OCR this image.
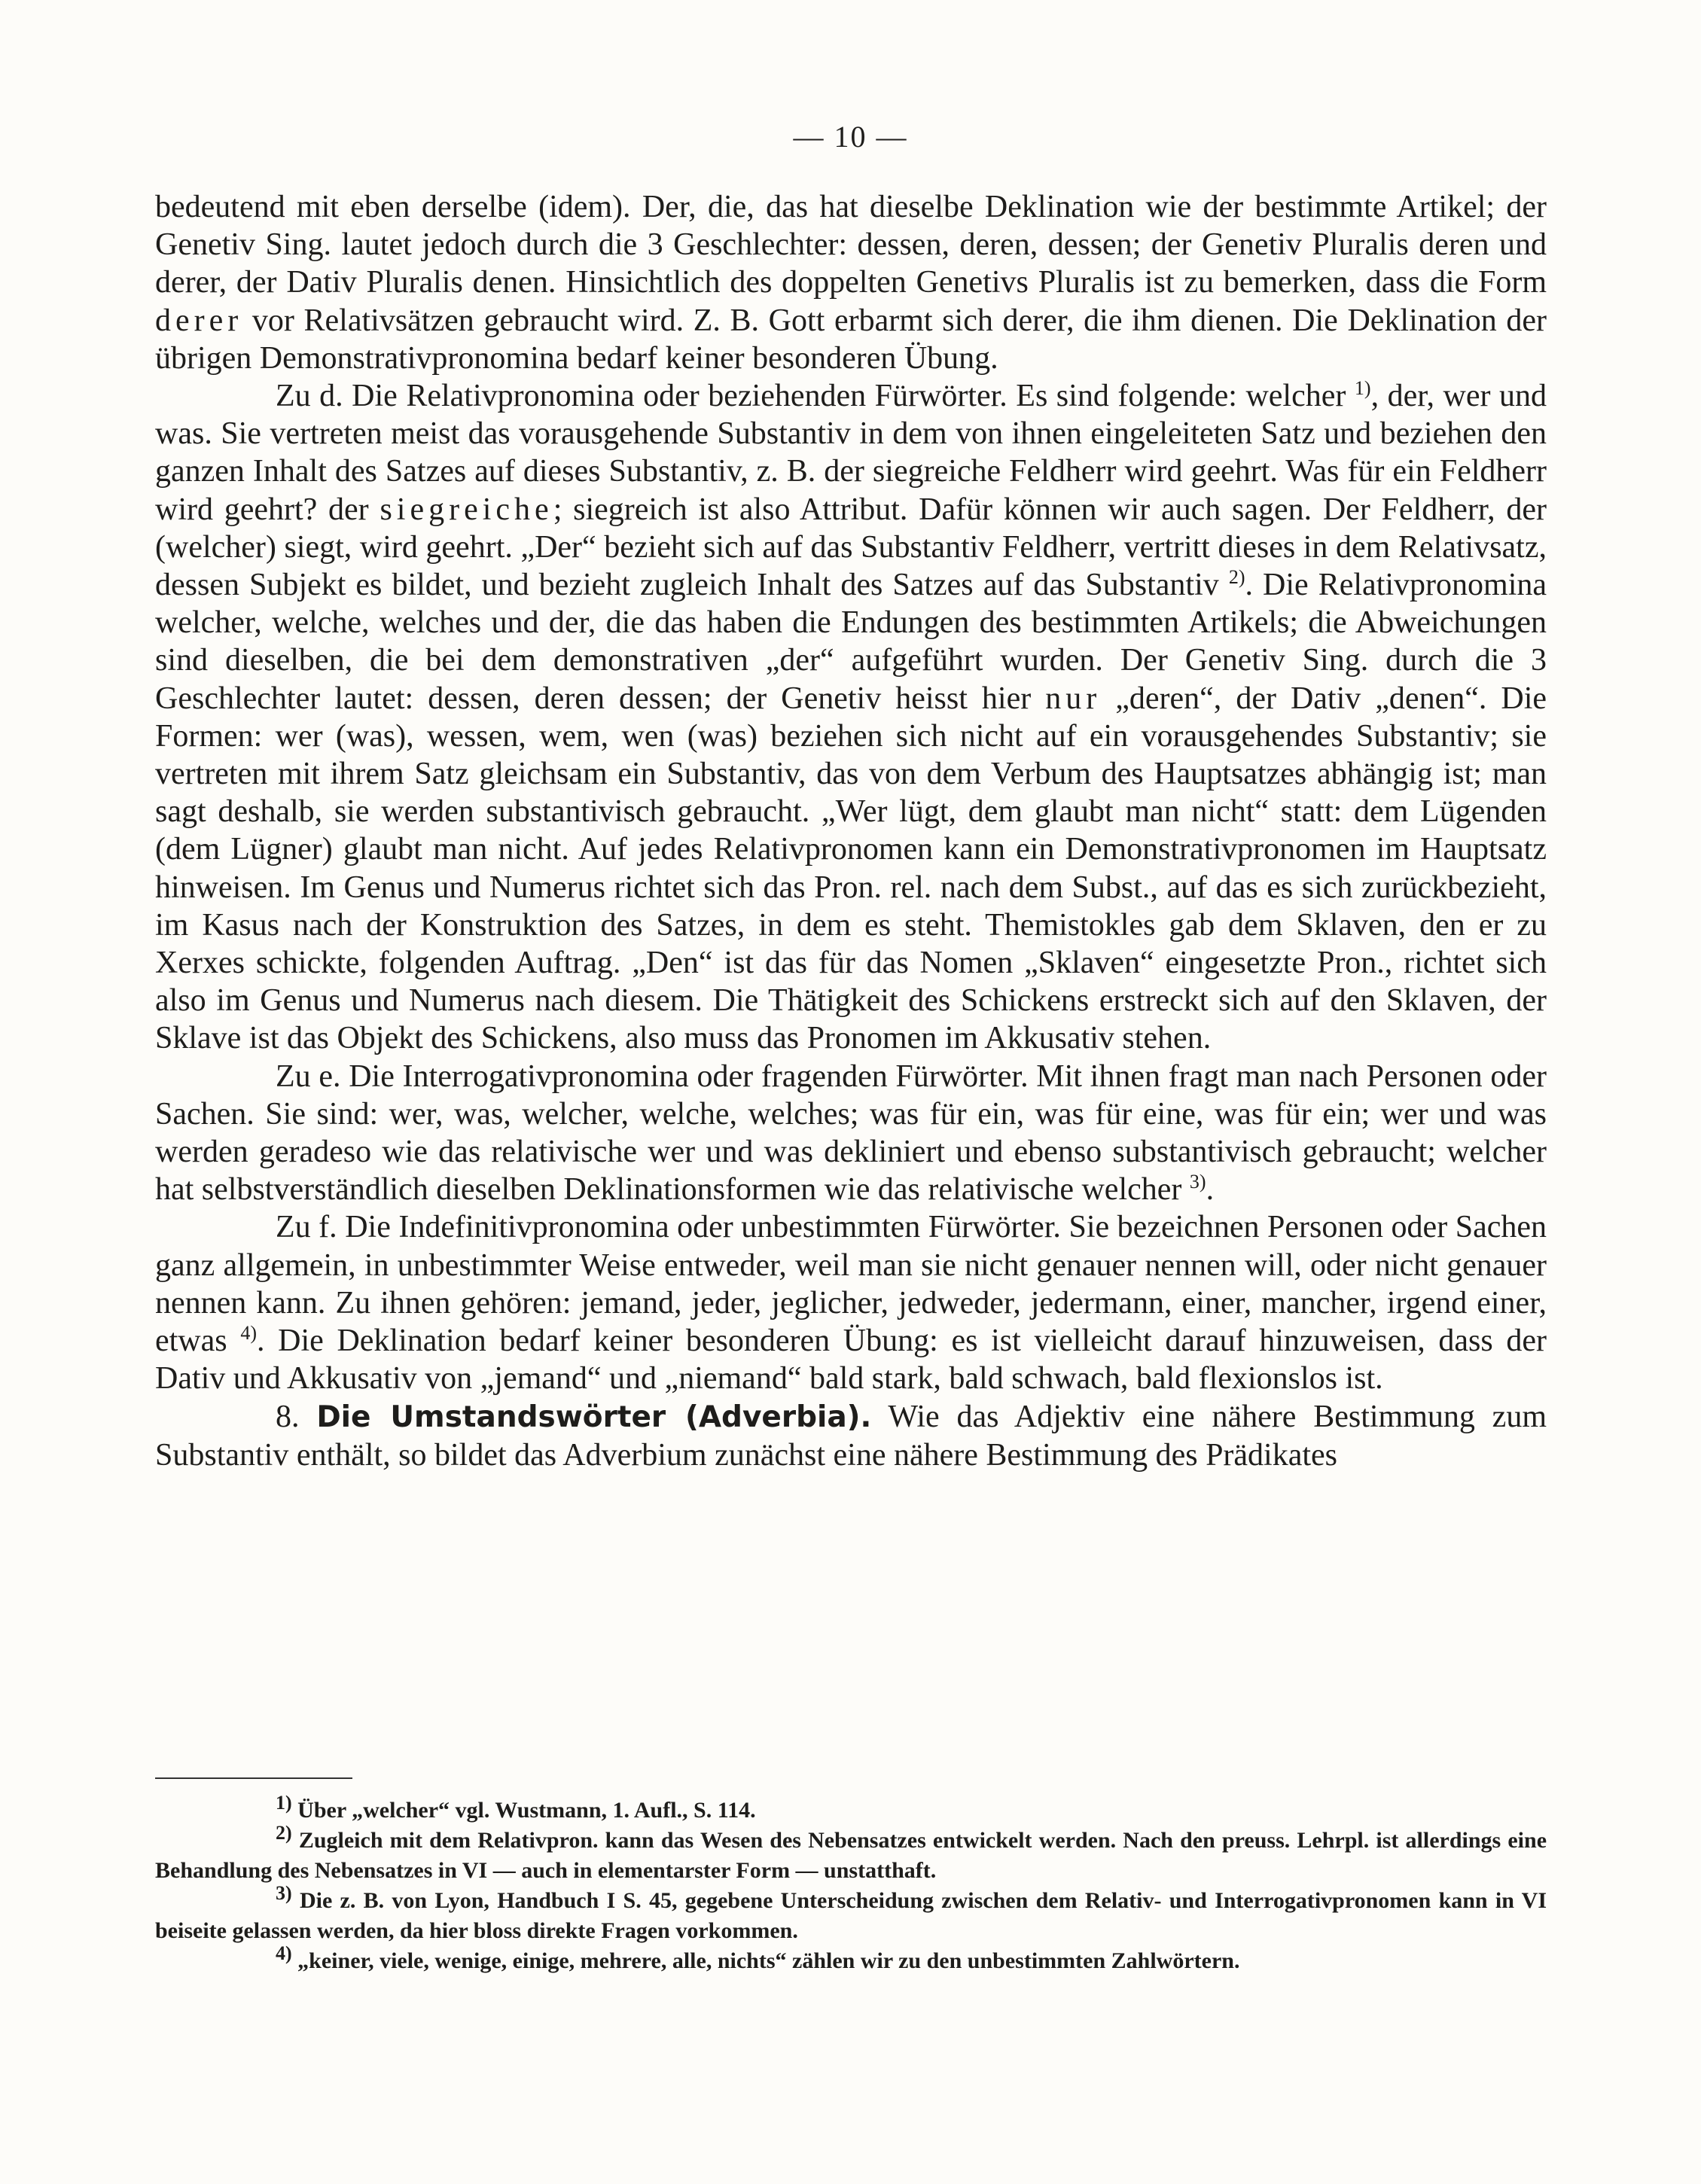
— 10 —

bedeutend mit eben derselbe (idem). Der, die, das hat dieselbe Deklination wie der bestimmte Artikel; der Genetiv Sing. lautet jedoch durch die 3 Geschlechter: dessen, deren, dessen; der Genetiv Pluralis deren und derer, der Dativ Pluralis denen. Hinsichtlich des doppelten Genetivs Pluralis ist zu bemerken, dass die Form derer vor Relativsätzen gebraucht wird. Z. B. Gott erbarmt sich derer, die ihm dienen. Die Deklination der übrigen Demonstrativpronomina bedarf keiner besonderen Übung.

Zu d. Die Relativpronomina oder beziehenden Fürwörter. Es sind folgende: welcher $^{1)}$, der, wer und was. Sie vertreten meist das vorausgehende Substantiv in dem von ihnen eingeleiteten Satz und beziehen den ganzen Inhalt des Satzes auf dieses Substantiv, z. B. der siegreiche Feldherr wird geehrt. Was für ein Feldherr wird geehrt? der siegreiche; siegreich ist also Attribut. Dafür können wir auch sagen. Der Feldherr, der (welcher) siegt, wird geehrt. „Der“ bezieht sich auf das Substantiv Feldherr, vertritt dieses in dem Relativsatz, dessen Subjekt es bildet, und bezieht zugleich Inhalt des Satzes auf das Substantiv $^{2)}$. Die Relativpronomina welcher, welche, welches und der, die das haben die Endungen des bestimmten Artikels; die Abweichungen sind dieselben, die bei dem demonstrativen „der“ aufgeführt wurden. Der Genetiv Sing. durch die 3 Geschlechter lautet: dessen, deren dessen; der Genetiv heisst hier nur „deren“, der Dativ „denen“. Die Formen: wer (was), wessen, wem, wen (was) beziehen sich nicht auf ein vorausgehendes Substantiv; sie vertreten mit ihrem Satz gleichsam ein Substantiv, das von dem Verbum des Hauptsatzes abhängig ist; man sagt deshalb, sie werden substantivisch gebraucht. „Wer lügt, dem glaubt man nicht“ statt: dem Lügenden (dem Lügner) glaubt man nicht. Auf jedes Relativpronomen kann ein Demonstrativpronomen im Hauptsatz hinweisen. Im Genus und Numerus richtet sich das Pron. rel. nach dem Subst., auf das es sich zurückbezieht, im Kasus nach der Konstruktion des Satzes, in dem es steht. Themistokles gab dem Sklaven, den er zu Xerxes schickte, folgenden Auftrag. „Den“ ist das für das Nomen „Sklaven“ eingesetzte Pron., richtet sich also im Genus und Numerus nach diesem. Die Thätigkeit des Schickens erstreckt sich auf den Sklaven, der Sklave ist das Objekt des Schickens, also muss das Pronomen im Akkusativ stehen.

Zu e. Die Interrogativpronomina oder fragenden Fürwörter. Mit ihnen fragt man nach Personen oder Sachen. Sie sind: wer, was, welcher, welche, welches; was für ein, was für eine, was für ein; wer und was werden geradeso wie das relativische wer und was dekliniert und ebenso substantivisch gebraucht; welcher hat selbstverständlich dieselben Deklinationsformen wie das relativische welcher $^{3)}$.

Zu f. Die Indefinitivpronomina oder unbestimmten Fürwörter. Sie bezeichnen Personen oder Sachen ganz allgemein, in unbestimmter Weise entweder, weil man sie nicht genauer nennen will, oder nicht genauer nennen kann. Zu ihnen gehören: jemand, jeder, jeglicher, jedweder, jedermann, einer, mancher, irgend einer, etwas $^{4)}$. Die Deklination bedarf keiner besonderen Übung: es ist vielleicht darauf hinzuweisen, dass der Dativ und Akkusativ von „jemand“ und „niemand“ bald stark, bald schwach, bald flexionslos ist.

8. Die Umstandswörter (Adverbia). Wie das Adjektiv eine nähere Bestimmung zum Substantiv enthält, so bildet das Adverbium zunächst eine nähere Bestimmung des Prädikates

$^{1)}$ Über „welcher“ vgl. Wustmann, 1. Aufl., S. 114.

$^{2)}$ Zugleich mit dem Relativpron. kann das Wesen des Nebensatzes entwickelt werden. Nach den preuss. Lehrpl. ist allerdings eine Behandlung des Nebensatzes in VI — auch in elementarster Form — unstatthaft.

$^{3)}$ Die z. B. von Lyon, Handbuch I S. 45, gegebene Unterscheidung zwischen dem Relativ- und Interrogativpronomen kann in VI beiseite gelassen werden, da hier bloss direkte Fragen vorkommen.

$^{4)}$ „keiner, viele, wenige, einige, mehrere, alle, nichts“ zählen wir zu den unbestimmten Zahlwörtern.
